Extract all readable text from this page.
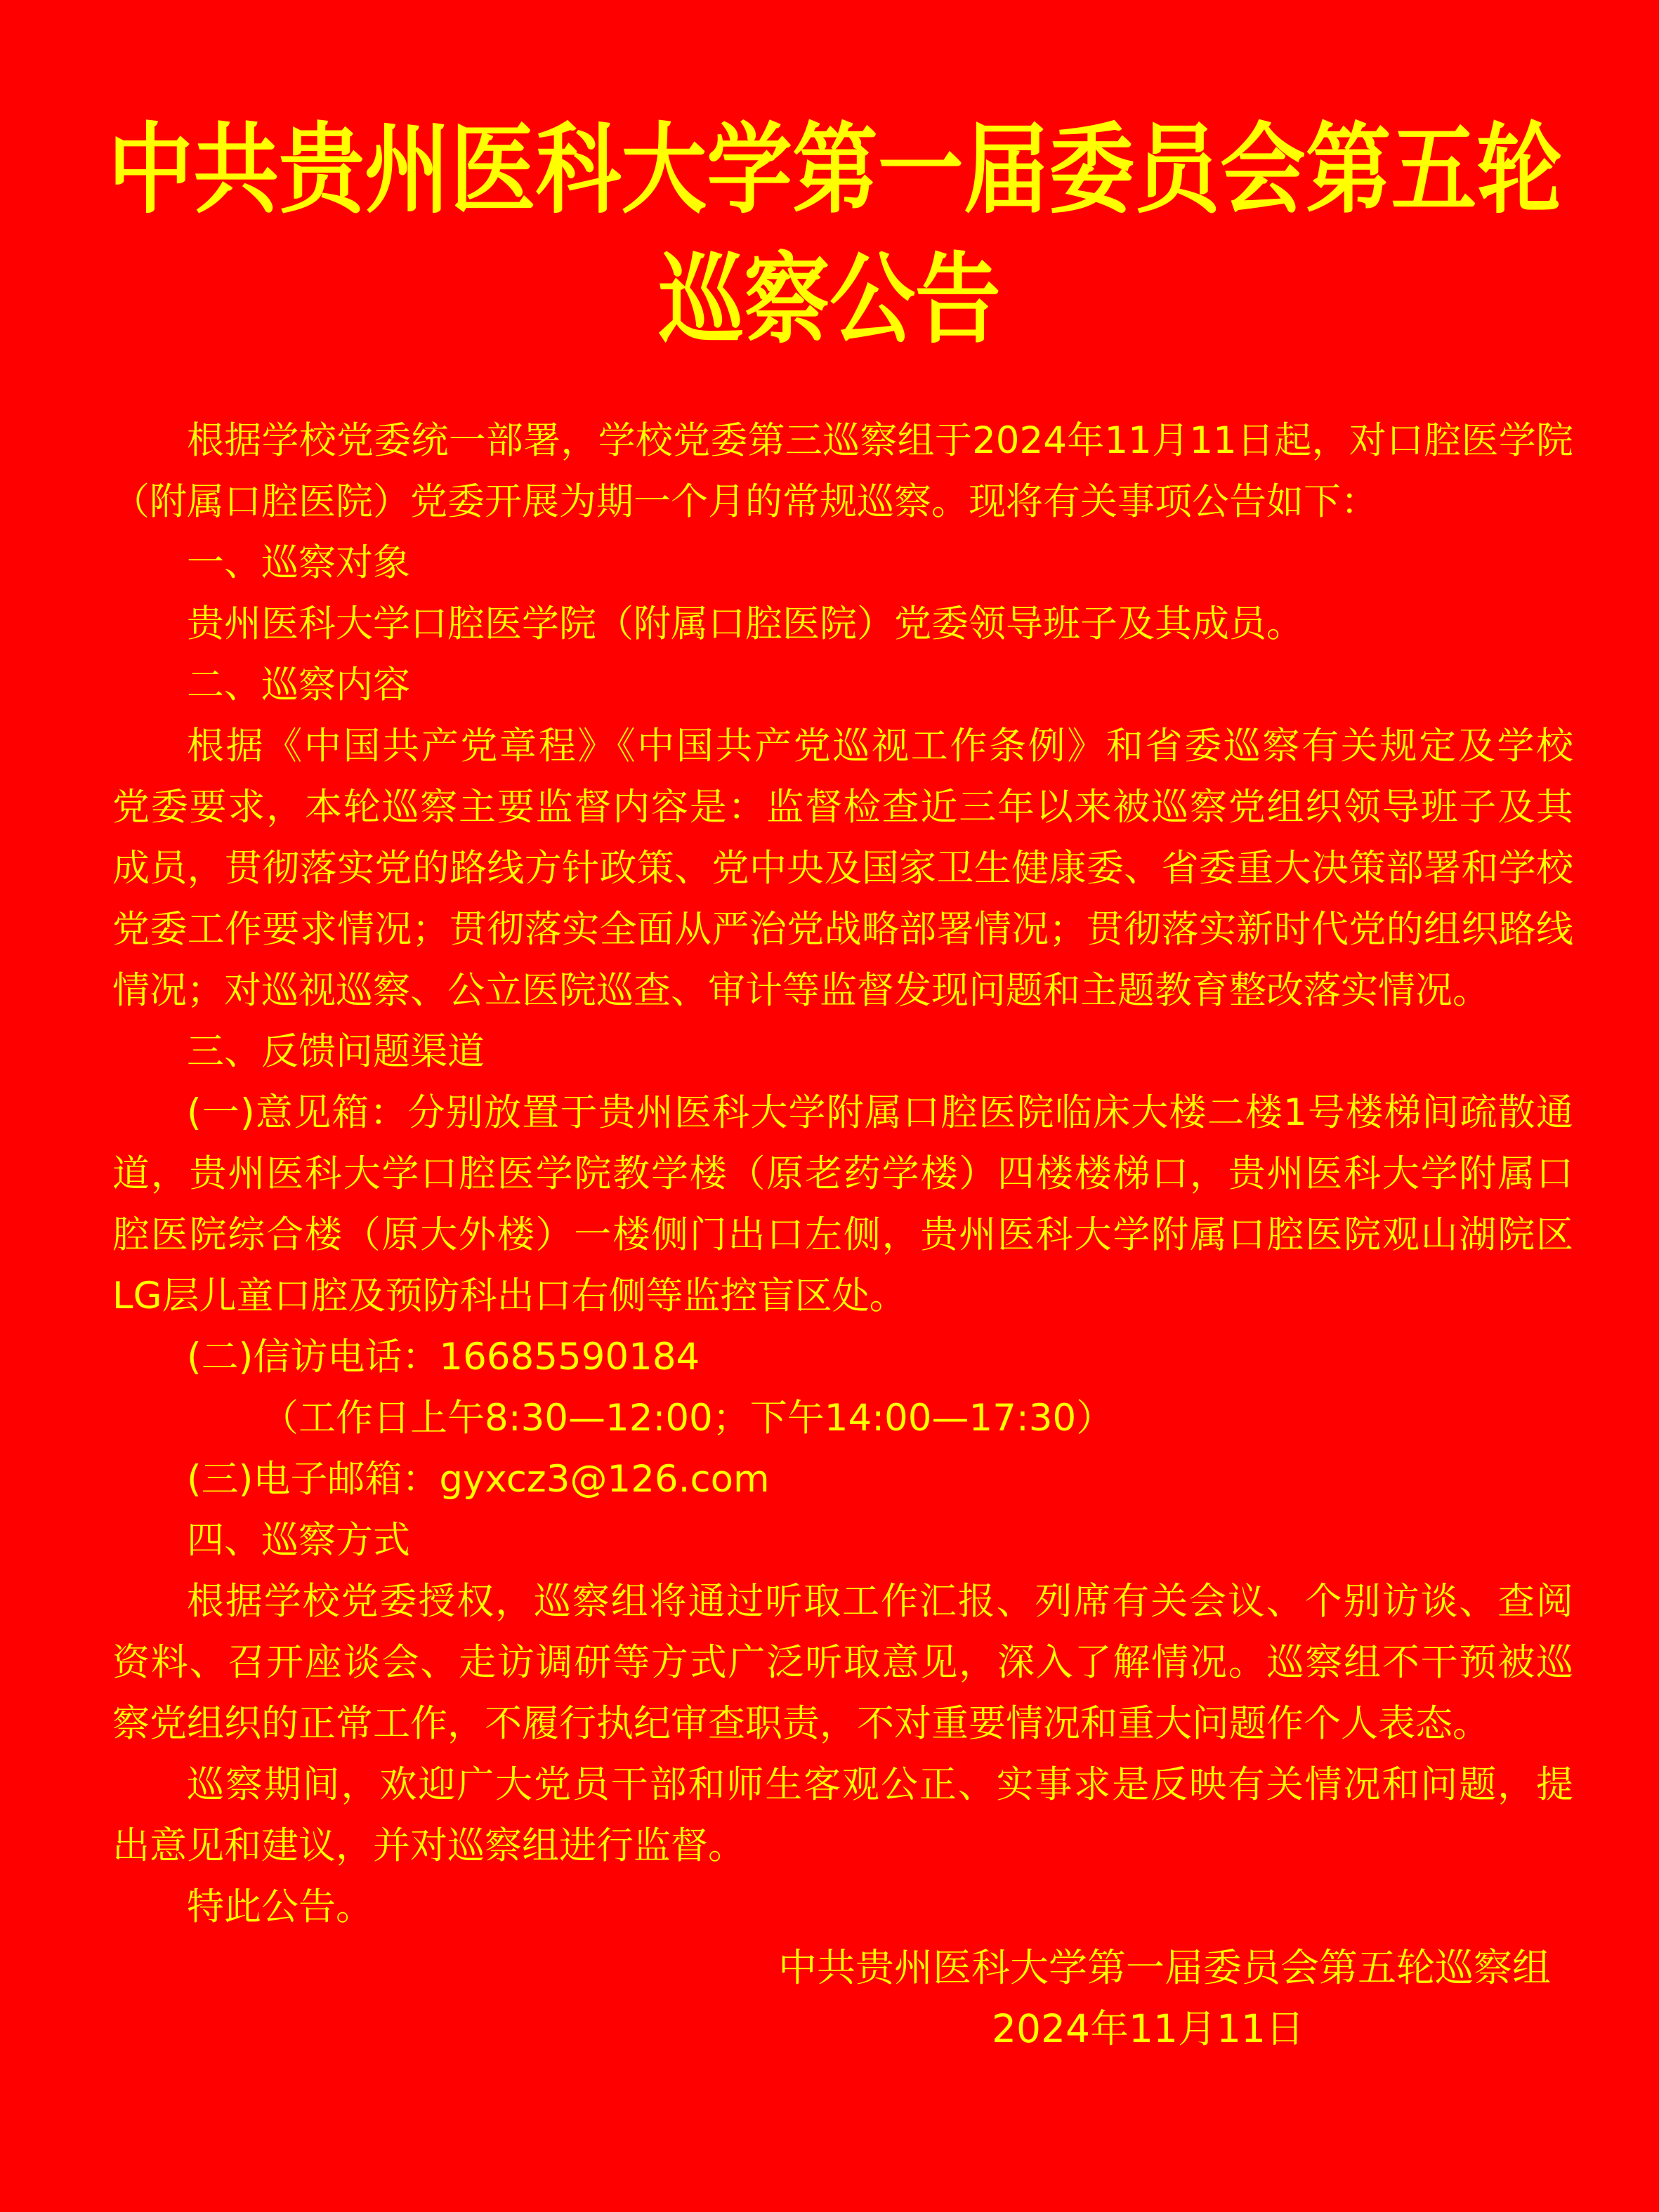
中共贵州医科大学第一届委员会第五轮
巡察公告
根据学校党委统一部署，学校党委第三巡察组于2024年11月11日起，对口腔医学院
（附属口腔医院）党委开展为期一个月的常规巡察。现将有关事项公告如下：
一、巡察对象
贵州医科大学口腔医学院（附属口腔医院）党委领导班子及其成员。
二、巡察内容
根据《中国共产党章程》《中国共产党巡视工作条例》和省委巡察有关规定及学校
党委要求，本轮巡察主要监督内容是：监督检查近三年以来被巡察党组织领导班子及其
成员，贯彻落实党的路线方针政策、党中央及国家卫生健康委、省委重大决策部署和学校
党委工作要求情况；贯彻落实全面从严治党战略部署情况；贯彻落实新时代党的组织路线
情况；对巡视巡察、公立医院巡查、审计等监督发现问题和主题教育整改落实情况。
三、反馈问题渠道
(一)意见箱：分别放置于贵州医科大学附属口腔医院临床大楼二楼1号楼梯间疏散通
道，贵州医科大学口腔医学院教学楼（原老药学楼）四楼楼梯口，贵州医科大学附属口
腔医院综合楼（原大外楼）一楼侧门出口左侧，贵州医科大学附属口腔医院观山湖院区
LG层儿童口腔及预防科出口右侧等监控盲区处。
(二)信访电话：16685590184
（工作日上午8:30—12:00；下午14:00—17:30）
(三)电子邮箱：gyxcz3@126.com
四、巡察方式
根据学校党委授权，巡察组将通过听取工作汇报、列席有关会议、个别访谈、查阅
资料、召开座谈会、走访调研等方式广泛听取意见，深入了解情况。巡察组不干预被巡
察党组织的正常工作，不履行执纪审查职责，不对重要情况和重大问题作个人表态。
巡察期间，欢迎广大党员干部和师生客观公正、实事求是反映有关情况和问题，提
出意见和建议，并对巡察组进行监督。
特此公告。
中共贵州医科大学第一届委员会第五轮巡察组
2024年11月11日
